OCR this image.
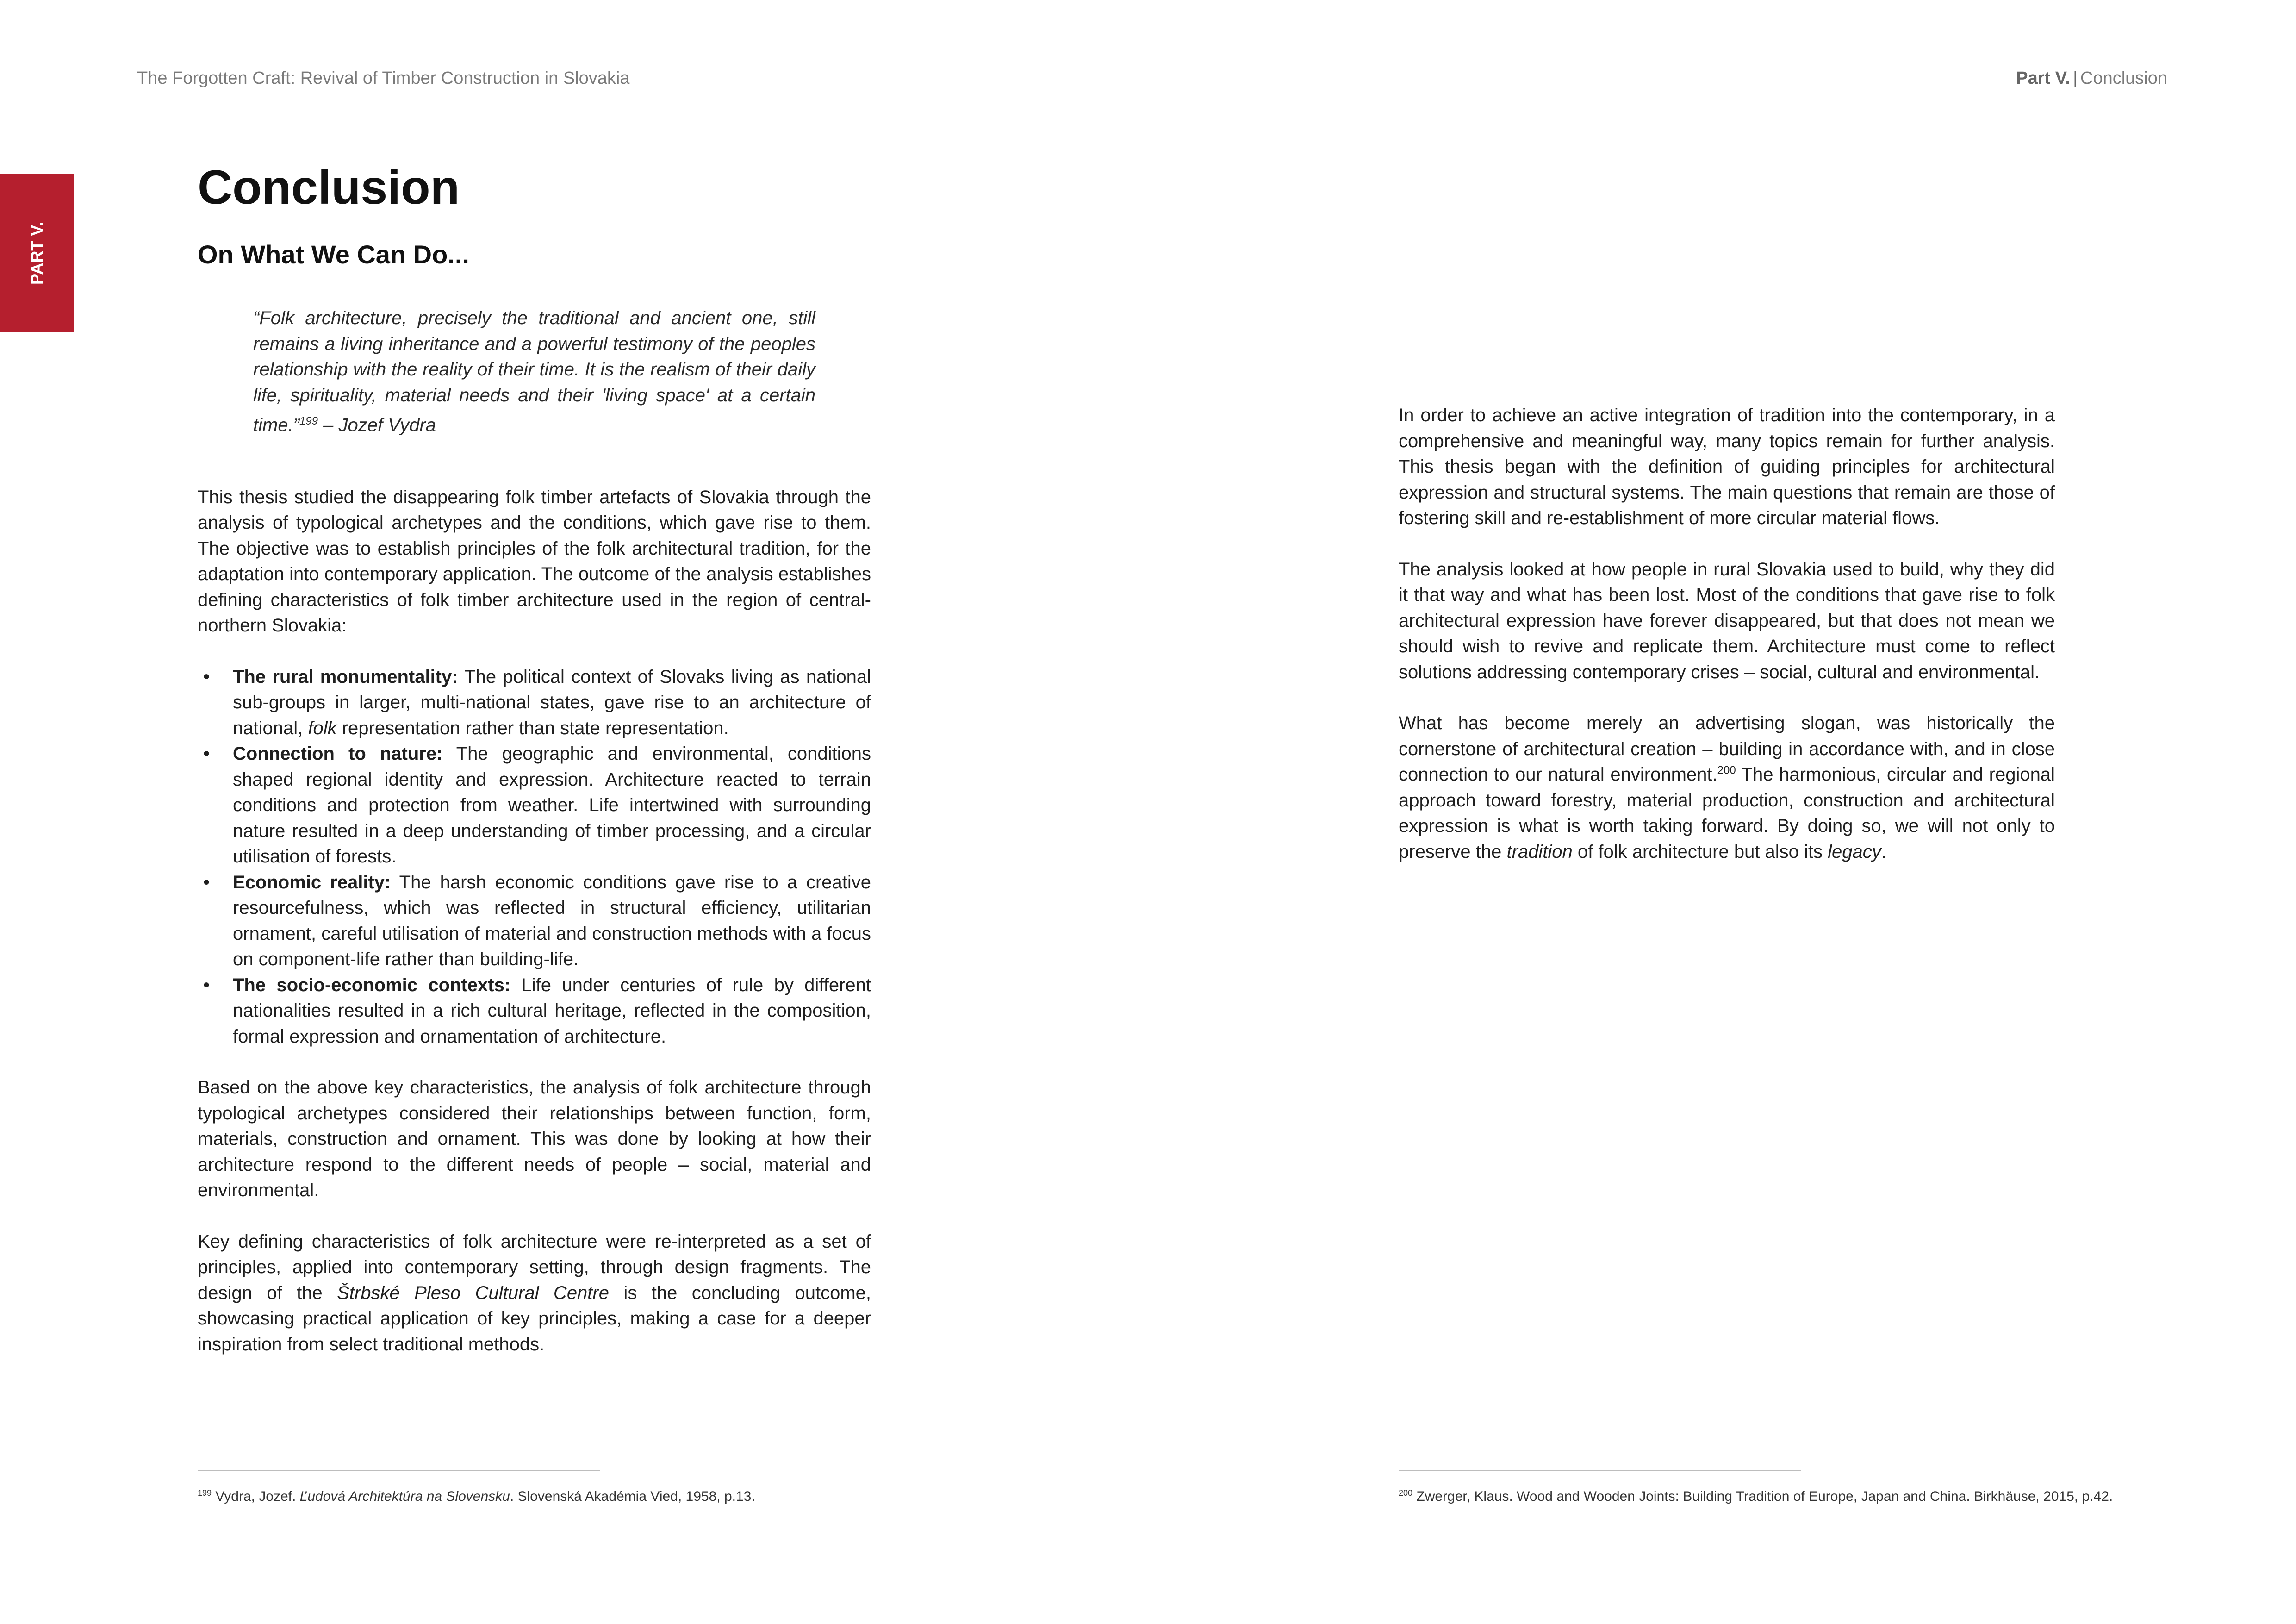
The Forgotten Craft: Revival of Timber Construction in Slovakia	Part V. | Conclusion
PART V.
Conclusion
On What We Can Do...
“Folk architecture, precisely the traditional and ancient one, still remains a living inheritance and a powerful testimony of the peoples relationship with the reality of their time. It is the realism of their daily life, spirituality, material needs and their 'living space' at a certain time.”$^{199}$ – Jozef Vydra

This thesis studied the disappearing folk timber artefacts of Slovakia through the analysis of typological archetypes and the conditions, which gave rise to them. The objective was to establish principles of the folk architectural tradition, for the adaptation into contemporary application. The outcome of the analysis establishes defining characteristics of folk timber architecture used in the region of central-northern Slovakia:

• The rural monumentality: The political context of Slovaks living as national sub-groups in larger, multi-national states, gave rise to an architecture of national, folk representation rather than state representation.
• Connection to nature: The geographic and environmental, conditions shaped regional identity and expression. Architecture reacted to terrain conditions and protection from weather. Life intertwined with surrounding nature resulted in a deep understanding of timber processing, and a circular utilisation of forests.
• Economic reality: The harsh economic conditions gave rise to a creative resourcefulness, which was reflected in structural efficiency, utilitarian ornament, careful utilisation of material and construction methods with a focus on component-life rather than building-life.
• The socio-economic contexts: Life under centuries of rule by different nationalities resulted in a rich cultural heritage, reflected in the composition, formal expression and ornamentation of architecture.

Based on the above key characteristics, the analysis of folk architecture through typological archetypes considered their relationships between function, form, materials, construction and ornament. This was done by looking at how their architecture respond to the different needs of people – social, material and environmental.

Key defining characteristics of folk architecture were re-interpreted as a set of principles, applied into contemporary setting, through design fragments. The design of the Štrbské Pleso Cultural Centre is the concluding outcome, showcasing practical application of key principles, making a case for a deeper inspiration from select traditional methods.

In order to achieve an active integration of tradition into the contemporary, in a comprehensive and meaningful way, many topics remain for further analysis. This thesis began with the definition of guiding principles for architectural expression and structural systems. The main questions that remain are those of fostering skill and re-establishment of more circular material flows.

The analysis looked at how people in rural Slovakia used to build, why they did it that way and what has been lost. Most of the conditions that gave rise to folk architectural expression have forever disappeared, but that does not mean we should wish to revive and replicate them. Architecture must come to reflect solutions addressing contemporary crises – social, cultural and environmental.

What has become merely an advertising slogan, was historically the cornerstone of architectural creation – building in accordance with, and in close connection to our natural environment.$^{200}$ The harmonious, circular and regional approach toward forestry, material production, construction and architectural expression is what is worth taking forward. By doing so, we will not only to preserve the tradition of folk architecture but also its legacy.

$^{199}$ Vydra, Jozef. Ľudová Architektúra na Slovensku. Slovenská Akadémia Vied, 1958, p.13.	$^{200}$ Zwerger, Klaus. Wood and Wooden Joints: Building Tradition of Europe, Japan and China. Birkhäuse, 2015, p.42.
